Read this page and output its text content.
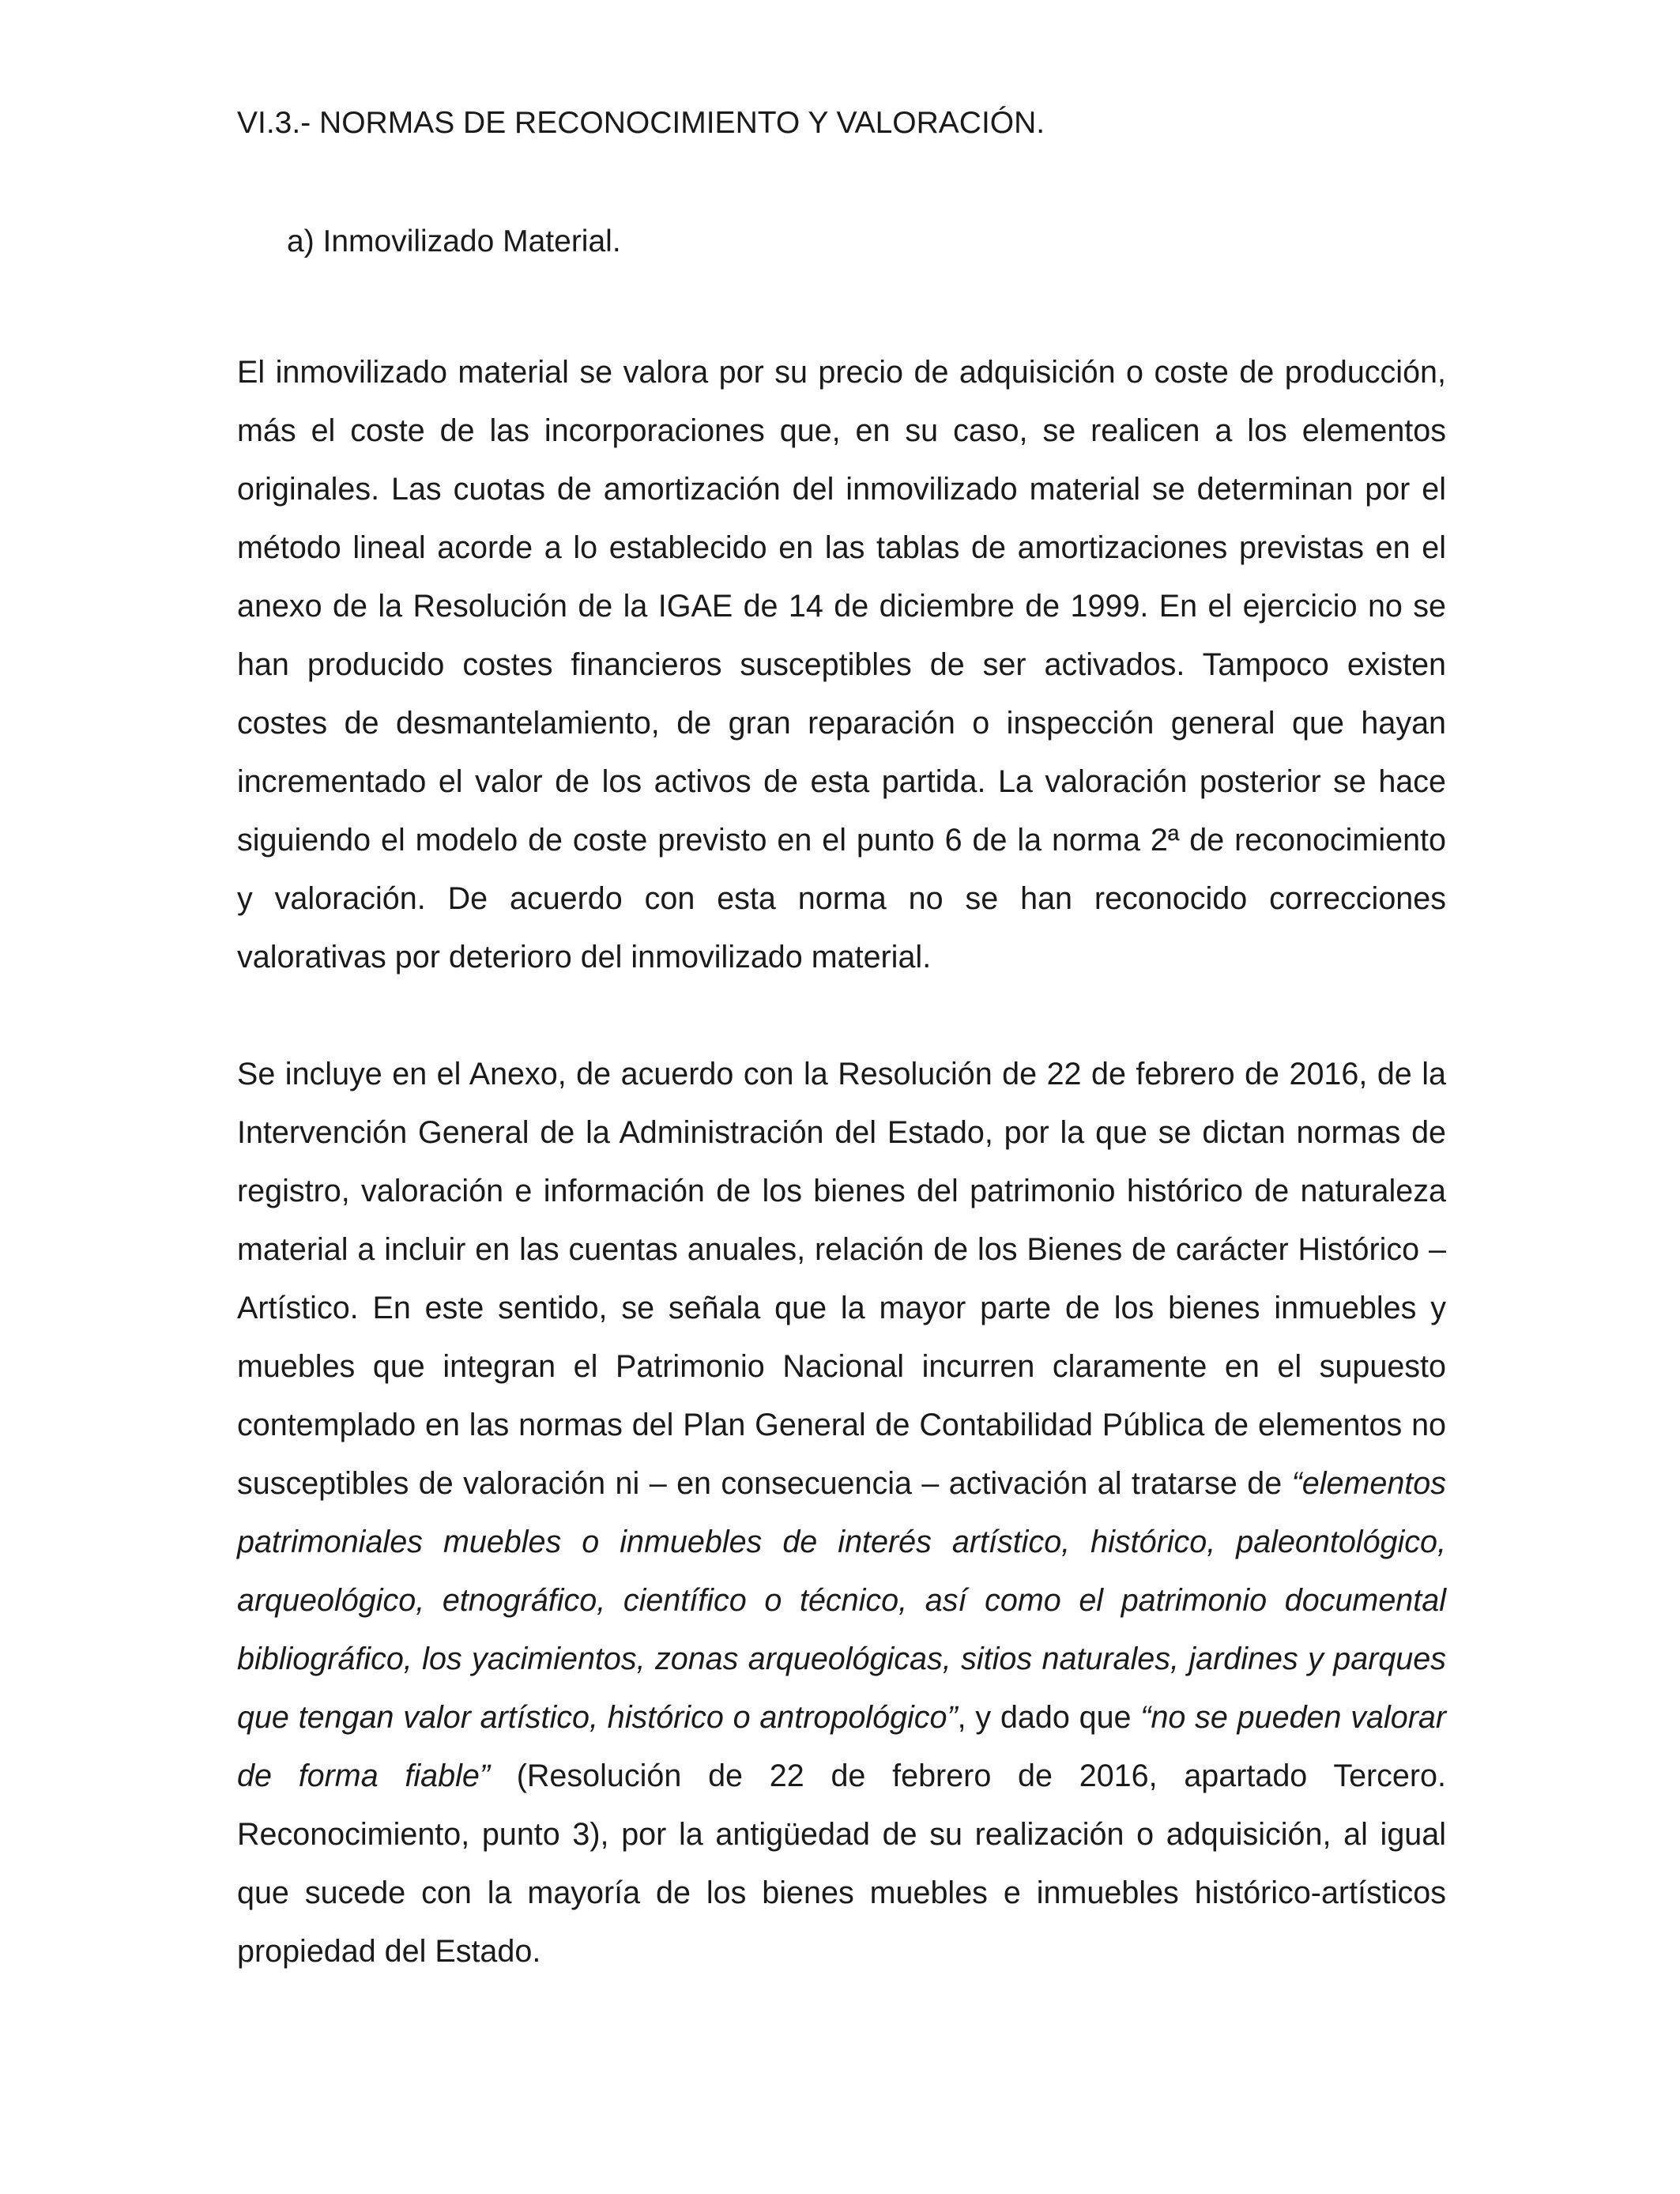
VI.3.- NORMAS DE RECONOCIMIENTO Y VALORACIÓN.

a) Inmovilizado Material.

El inmovilizado material se valora por su precio de adquisición o coste de producción, más el coste de las incorporaciones que, en su caso, se realicen a los elementos originales. Las cuotas de amortización del inmovilizado material se determinan por el método lineal acorde a lo establecido en las tablas de amortizaciones previstas en el anexo de la Resolución de la IGAE de 14 de diciembre de 1999. En el ejercicio no se han producido costes financieros susceptibles de ser activados. Tampoco existen costes de desmantelamiento, de gran reparación o inspección general que hayan incrementado el valor de los activos de esta partida. La valoración posterior se hace siguiendo el modelo de coste previsto en el punto 6 de la norma 2ª de reconocimiento y valoración. De acuerdo con esta norma no se han reconocido correcciones valorativas por deterioro del inmovilizado material.

Se incluye en el Anexo, de acuerdo con la Resolución de 22 de febrero de 2016, de la Intervención General de la Administración del Estado, por la que se dictan normas de registro, valoración e información de los bienes del patrimonio histórico de naturaleza material a incluir en las cuentas anuales, relación de los Bienes de carácter Histórico – Artístico. En este sentido, se señala que la mayor parte de los bienes inmuebles y muebles que integran el Patrimonio Nacional incurren claramente en el supuesto contemplado en las normas del Plan General de Contabilidad Pública de elementos no susceptibles de valoración ni – en consecuencia – activación al tratarse de “elementos patrimoniales muebles o inmuebles de interés artístico, histórico, paleontológico, arqueológico, etnográfico, científico o técnico, así como el patrimonio documental bibliográfico, los yacimientos, zonas arqueológicas, sitios naturales, jardines y parques que tengan valor artístico, histórico o antropológico”, y dado que “no se pueden valorar de forma fiable” (Resolución de 22 de febrero de 2016, apartado Tercero. Reconocimiento, punto 3), por la antigüedad de su realización o adquisición, al igual que sucede con la mayoría de los bienes muebles e inmuebles histórico-artísticos propiedad del Estado.
